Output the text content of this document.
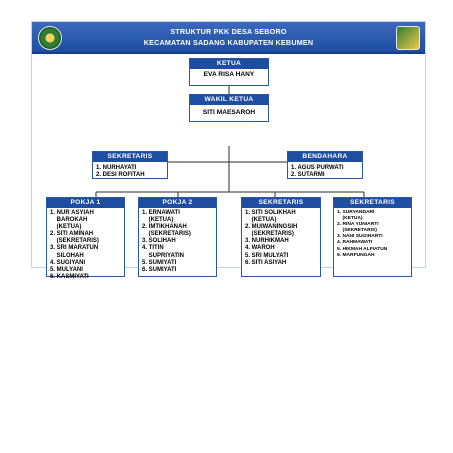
STRUKTUR PKK DESA SEBORO
KECAMATAN SADANG KABUPATEN KEBUMEN
KETUA
EVA RISA HANY
WAKIL KETUA
SITI MAESAROH
SEKRETARIS
1. NURHAYATI
2. DESI ROFITAH
BENDAHARA
1. AGUS PURWATI
2. SUTARMI
POKJA 1
1. NUR ASYIAH
BAROKAH
(KETUA)
2. SITI AMINAH
(SEKRETARIS)
3. SRI MARATUN
SILOHAH
4. SUGIYANI
5. MULYANI
6. KASMIYATI
POKJA 2
1. ERNAWATI
(KETUA)
2. IMTIKHANAH
(SEKRETARIS)
3. SOLIHAH
4. TITIN
SUPRIYATIN
5. SUMIYATI
6. SUMIYATI
SEKRETARIS
1. SITI SOLIKHAH
(KETUA)
2. MUIWANINGSIH
(SEKRETARIS)
3. NURHIKMAH
4. WAROH
5. SRI MULYATI
6. SITI ASIYAH
SEKRETARIS
1. SURYANDARI
(KETUA)
2. RINA YUNIARTI
(SEKRETARIS)
3. NANI SUGIHARTI
4. RAHMAWATI
5. HIKMAH ALFIATUN
6. MARFUNGAH
